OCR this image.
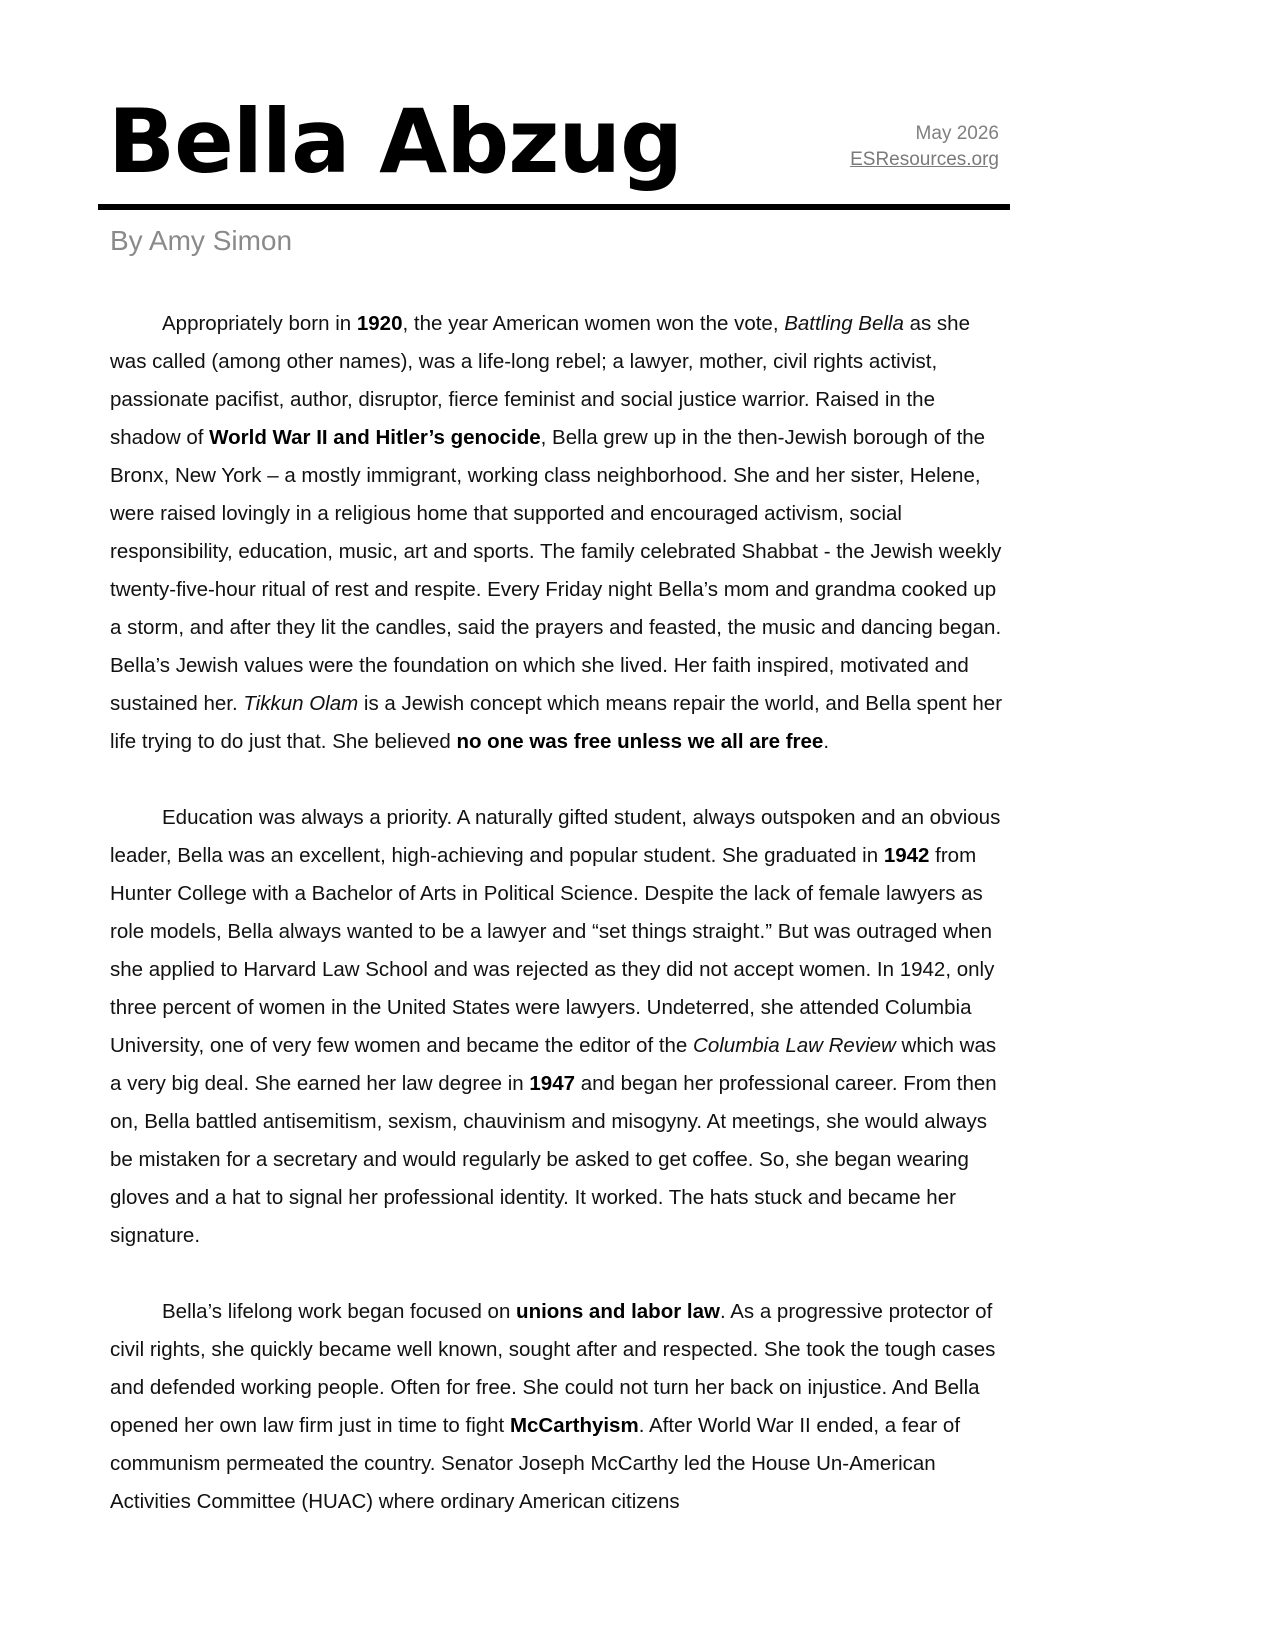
Bella Abzug	May 2026
ESResources.org
By Amy Simon

Appropriately born in 1920, the year American women won the vote, Battling Bella as she was called (among other names), was a life-long rebel; a lawyer, mother, civil rights activist, passionate pacifist, author, disruptor, fierce feminist and social justice warrior. Raised in the shadow of World War II and Hitler’s genocide, Bella grew up in the then-Jewish borough of the Bronx, New York – a mostly immigrant, working class neighborhood. She and her sister, Helene, were raised lovingly in a religious home that supported and encouraged activism, social responsibility, education, music, art and sports. The family celebrated Shabbat - the Jewish weekly twenty-five-hour ritual of rest and respite. Every Friday night Bella’s mom and grandma cooked up a storm, and after they lit the candles, said the prayers and feasted, the music and dancing began. Bella’s Jewish values were the foundation on which she lived. Her faith inspired, motivated and sustained her. Tikkun Olam is a Jewish concept which means repair the world, and Bella spent her life trying to do just that. She believed no one was free unless we all are free.

Education was always a priority. A naturally gifted student, always outspoken and an obvious leader, Bella was an excellent, high-achieving and popular student. She graduated in 1942 from Hunter College with a Bachelor of Arts in Political Science. Despite the lack of female lawyers as role models, Bella always wanted to be a lawyer and “set things straight.” But was outraged when she applied to Harvard Law School and was rejected as they did not accept women. In 1942, only three percent of women in the United States were lawyers. Undeterred, she attended Columbia University, one of very few women and became the editor of the Columbia Law Review which was a very big deal. She earned her law degree in 1947 and began her professional career. From then on, Bella battled antisemitism, sexism, chauvinism and misogyny. At meetings, she would always be mistaken for a secretary and would regularly be asked to get coffee. So, she began wearing gloves and a hat to signal her professional identity. It worked. The hats stuck and became her signature.

Bella’s lifelong work began focused on unions and labor law. As a progressive protector of civil rights, she quickly became well known, sought after and respected. She took the tough cases and defended working people. Often for free. She could not turn her back on injustice. And Bella opened her own law firm just in time to fight McCarthyism. After World War II ended, a fear of communism permeated the country. Senator Joseph McCarthy led the House Un-American Activities Committee (HUAC) where ordinary American citizens
